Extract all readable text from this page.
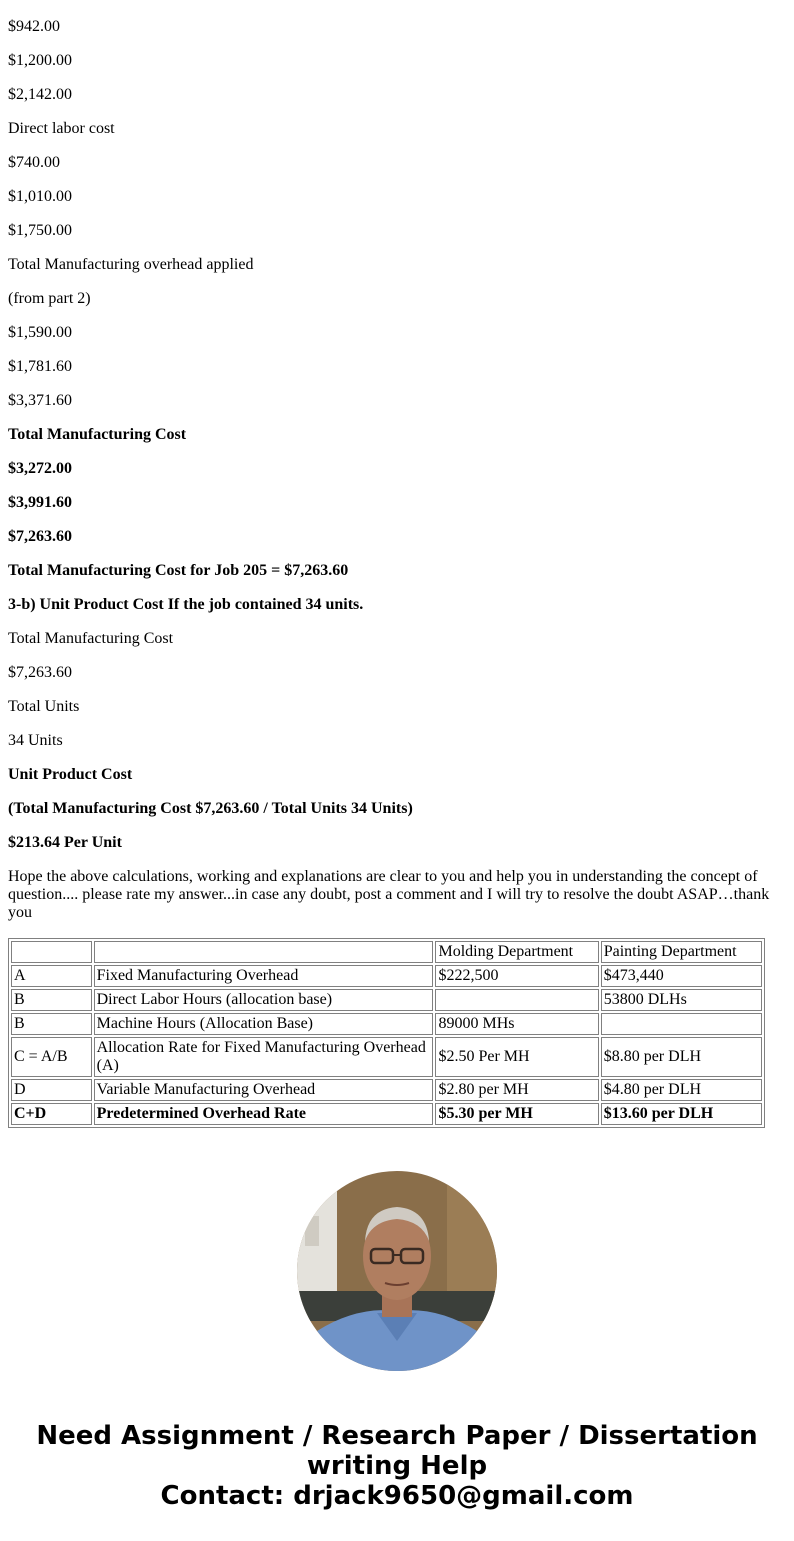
$942.00

$1,200.00

$2,142.00

Direct labor cost

$740.00

$1,010.00

$1,750.00

Total Manufacturing overhead applied

(from part 2)

$1,590.00

$1,781.60

$3,371.60

Total Manufacturing Cost

$3,272.00

$3,991.60

$7,263.60

Total Manufacturing Cost for Job 205 = $7,263.60

3-b) Unit Product Cost If the job contained 34 units.

Total Manufacturing Cost

$7,263.60

Total Units

34 Units

Unit Product Cost

(Total Manufacturing Cost $7,263.60 / Total Units 34 Units)

$213.64 Per Unit

Hope the above calculations, working and explanations are clear to you and help you in understanding the concept of question.... please rate my answer...in case any doubt, post a comment and I will try to resolve the doubt ASAP…thank you

		Molding Department	Painting Department
A	Fixed Manufacturing Overhead	$222,500	$473,440
B	Direct Labor Hours (allocation base)		53800 DLHs
B	Machine Hours (Allocation Base)	89000 MHs	
C = A/B	Allocation Rate for Fixed Manufacturing Overhead (A)	$2.50 Per MH	$8.80 per DLH
D	Variable Manufacturing Overhead	$2.80 per MH	$4.80 per DLH
C+D	Predetermined Overhead Rate	$5.30 per MH	$13.60 per DLH
Need Assignment / Research Paper / Dissertation
writing Help
Contact: drjack9650@gmail.com
